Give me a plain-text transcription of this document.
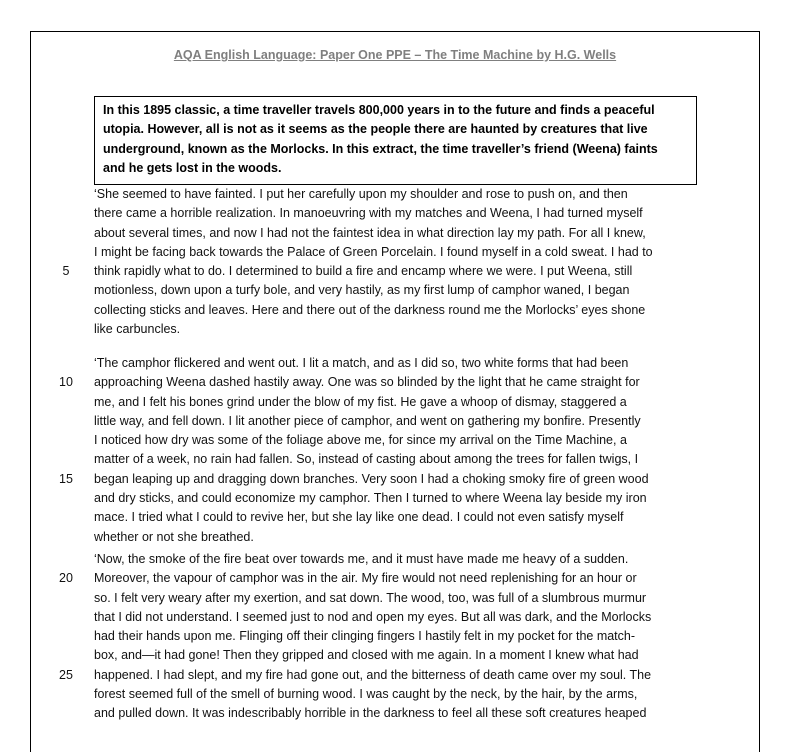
AQA English Language: Paper One PPE – The Time Machine by H.G. Wells
In this 1895 classic, a time traveller travels 800,000 years in to the future and finds a peaceful
utopia. However, all is not as it seems as the people there are haunted by creatures that live
underground, known as the Morlocks. In this extract, the time traveller’s friend (Weena) faints
and he gets lost in the woods.
‘She seemed to have fainted. I put her carefully upon my shoulder and rose to push on, and then
there came a horrible realization. In manoeuvring with my matches and Weena, I had turned myself
about several times, and now I had not the faintest idea in what direction lay my path. For all I knew,
I might be facing back towards the Palace of Green Porcelain. I found myself in a cold sweat. I had to
5	think rapidly what to do. I determined to build a fire and encamp where we were. I put Weena, still
motionless, down upon a turfy bole, and very hastily, as my first lump of camphor waned, I began
collecting sticks and leaves. Here and there out of the darkness round me the Morlocks’ eyes shone
like carbuncles.
‘The camphor flickered and went out. I lit a match, and as I did so, two white forms that had been
10	approaching Weena dashed hastily away. One was so blinded by the light that he came straight for
me, and I felt his bones grind under the blow of my fist. He gave a whoop of dismay, staggered a
little way, and fell down. I lit another piece of camphor, and went on gathering my bonfire. Presently
I noticed how dry was some of the foliage above me, for since my arrival on the Time Machine, a
matter of a week, no rain had fallen. So, instead of casting about among the trees for fallen twigs, I
15	began leaping up and dragging down branches. Very soon I had a choking smoky fire of green wood
and dry sticks, and could economize my camphor. Then I turned to where Weena lay beside my iron
mace. I tried what I could to revive her, but she lay like one dead. I could not even satisfy myself
whether or not she breathed.
‘Now, the smoke of the fire beat over towards me, and it must have made me heavy of a sudden.
20	Moreover, the vapour of camphor was in the air. My fire would not need replenishing for an hour or
so. I felt very weary after my exertion, and sat down. The wood, too, was full of a slumbrous murmur
that I did not understand. I seemed just to nod and open my eyes. But all was dark, and the Morlocks
had their hands upon me. Flinging off their clinging fingers I hastily felt in my pocket for the match-
box, and—it had gone! Then they gripped and closed with me again. In a moment I knew what had
25	happened. I had slept, and my fire had gone out, and the bitterness of death came over my soul. The
forest seemed full of the smell of burning wood. I was caught by the neck, by the hair, by the arms,
and pulled down. It was indescribably horrible in the darkness to feel all these soft creatures heaped
